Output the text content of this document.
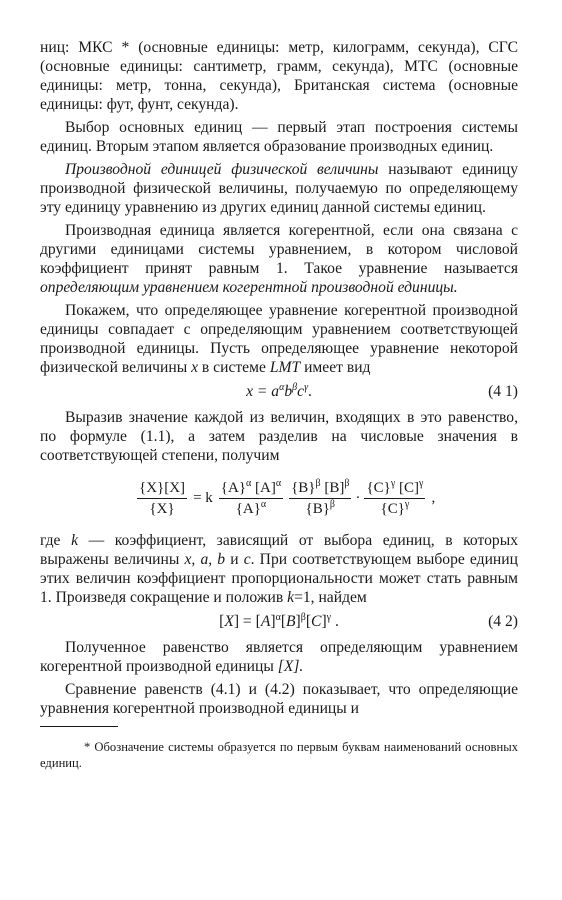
ниц: МКС * (основные единицы: метр, килограмм, секунда), СГС (основные единицы: сантиметр, грамм, секунда), МТС (основные единицы: метр, тонна, секунда), Британская система (основные единицы: фут, фунт, секунда).

Выбор основных единиц — первый этап построения системы единиц. Вторым этапом является образование производных единиц.

Производной единицей физической величины называют единицу производной физической величины, получаемую по определяющему эту единицу уравнению из других единиц данной системы единиц.

Производная единица является когерентной, если она связана с другими единицами системы уравнением, в котором числовой коэффициент принят равным 1. Такое уравнение называется определяющим уравнением когерентной производной единицы.

Покажем, что определяющее уравнение когерентной производной единицы совпадает с определяющим уравнением соответствующей производной единицы. Пусть определяющее уравнение некоторой физической величины x в системе LMT имеет вид

$x = a^\alpha b^\beta c^\gamma$.	(4 1)

Выразив значение каждой из величин, входящих в это равенство, по формуле (1.1), а затем разделив на числовые значения в соответствующей степени, получим

$\frac{\{X\}[X]}{\{X\}} = k \frac{\{A\}^\alpha [A]^\alpha}{\{A\}^\alpha} \frac{\{B\}^\beta [B]^\beta}{\{B\}^\beta} \cdot \frac{\{C\}^\gamma [C]^\gamma}{\{C\}^\gamma}$ ,

где k — коэффициент, зависящий от выбора единиц, в которых выражены величины x, a, b и c. При соответствующем выборе единиц этих величин коэффициент пропорциональности может стать равным 1. Произведя сокращение и положив k=1, найдем

$[X] = [A]^\alpha[B]^\beta[C]^\gamma$ .	(4 2)

Полученное равенство является определяющим уравнением когерентной производной единицы [X].

Сравнение равенств (4.1) и (4.2) показывает, что определяющие уравнения когерентной производной единицы и

* Обозначение системы образуется по первым буквам наименований основных единиц.
